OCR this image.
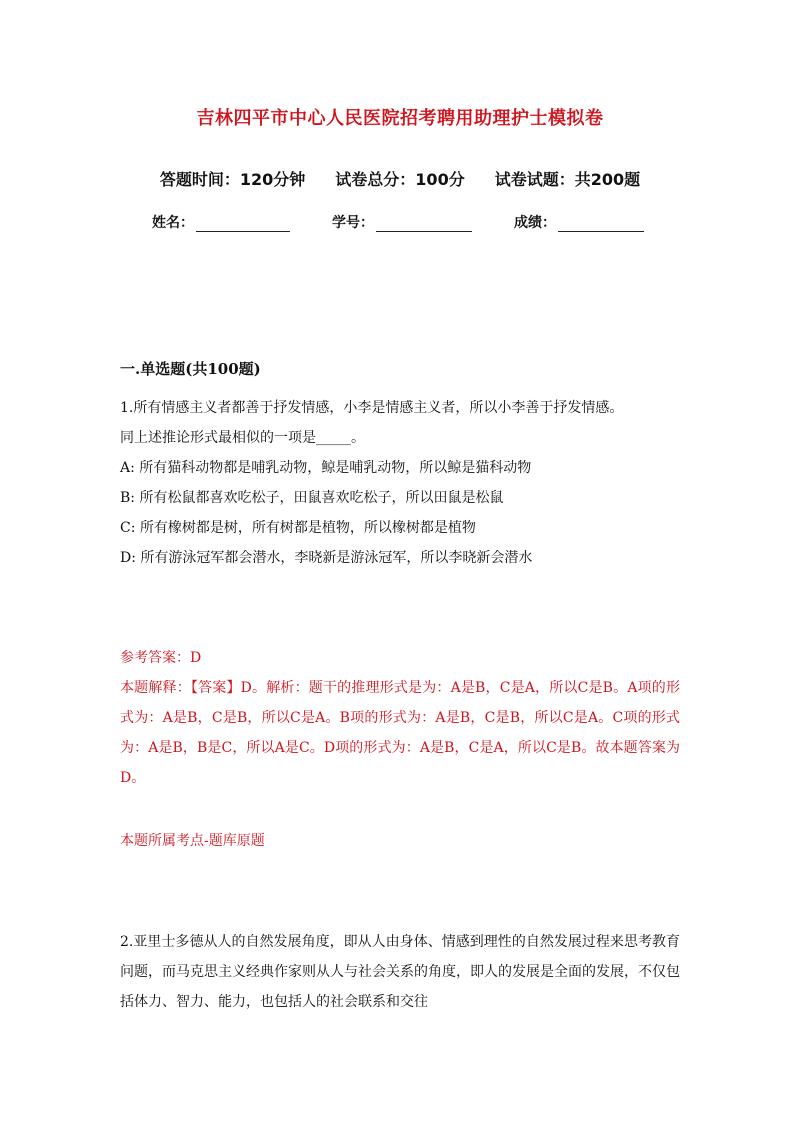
吉林四平市中心人民医院招考聘用助理护士模拟卷
答题时间：120分钟 试卷总分：100分 试卷试题：共200题
姓名：	学号：	成绩：
一.单选题(共100题)

1.所有情感主义者都善于抒发情感，小李是情感主义者，所以小李善于抒发情感。

同上述推论形式最相似的一项是_____。

A: 所有猫科动物都是哺乳动物，鲸是哺乳动物，所以鲸是猫科动物

B: 所有松鼠都喜欢吃松子，田鼠喜欢吃松子，所以田鼠是松鼠

C: 所有橡树都是树，所有树都是植物，所以橡树都是植物

D: 所有游泳冠军都会潜水，李晓新是游泳冠军，所以李晓新会潜水

参考答案：D

本题解释：【答案】D。解析：题干的推理形式是为：A是B，C是A，所以C是B。A项的形式为：A是B，C是B，所以C是A。B项的形式为：A是B，C是B，所以C是A。C项的形式为：A是B，B是C，所以A是C。D项的形式为：A是B，C是A，所以C是B。故本题答案为D。

本题所属考点-题库原题

2.亚里士多德从人的自然发展角度，即从人由身体、情感到理性的自然发展过程来思考教育问题，而马克思主义经典作家则从人与社会关系的角度，即人的发展是全面的发展，不仅包 括体力、智力、能力，也包括人的社会联系和交往
